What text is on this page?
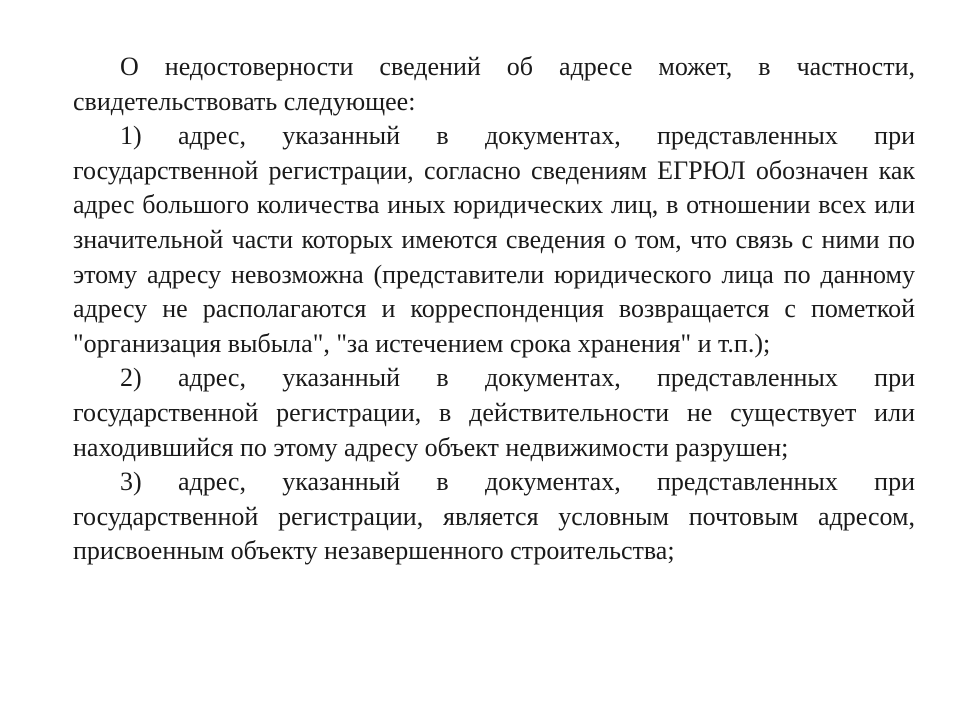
О недостоверности сведений об адресе может, в частности, свидетельствовать следующее:

1) адрес, указанный в документах, представленных при государственной регистрации, согласно сведениям ЕГРЮЛ обозначен как адрес большого количества иных юридических лиц, в отношении всех или значительной части которых имеются сведения о том, что связь с ними по этому адресу невозможна (представители юридического лица по данному адресу не располагаются и корреспонденция возвращается с пометкой "организация выбыла", "за истечением срока хранения" и т.п.);

2) адрес, указанный в документах, представленных при государственной регистрации, в действительности не существует или находившийся по этому адресу объект недвижимости разрушен;

3) адрес, указанный в документах, представленных при государственной регистрации, является условным почтовым адресом, присвоенным объекту незавершенного строительства;
